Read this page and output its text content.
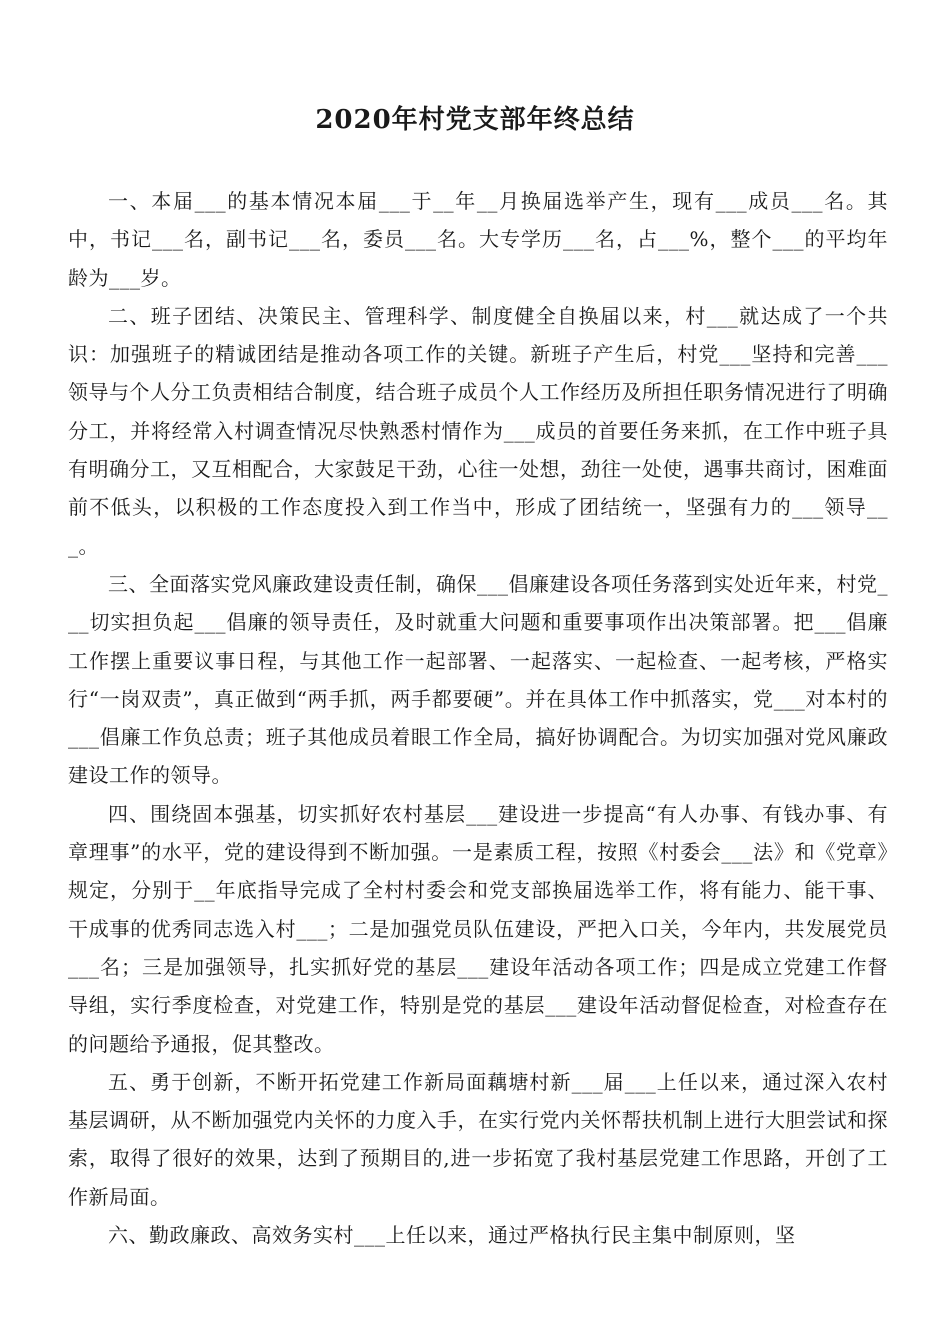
2020年村党支部年终总结

一、本届___的基本情况本届___于__年__月换届选举产生，现有___成员___名。其中，书记___名，副书记___名，委员___名。大专学历___名，占___%，整个___的平均年龄为___岁。

二、班子团结、决策民主、管理科学、制度健全自换届以来，村___就达成了一个共识：加强班子的精诚团结是推动各项工作的关键。新班子产生后，村党___坚持和完善___领导与个人分工负责相结合制度，结合班子成员个人工作经历及所担任职务情况进行了明确分工，并将经常入村调查情况尽快熟悉村情作为___成员的首要任务来抓，在工作中班子具有明确分工，又互相配合，大家鼓足干劲，心往一处想，劲往一处使，遇事共商讨，困难面前不低头，以积极的工作态度投入到工作当中，形成了团结统一，坚强有力的___领导___。

三、全面落实党风廉政建设责任制，确保___倡廉建设各项任务落到实处近年来，村党___切实担负起___倡廉的领导责任，及时就重大问题和重要事项作出决策部署。把___倡廉工作摆上重要议事日程，与其他工作一起部署、一起落实、一起检查、一起考核，严格实行“一岗双责”，真正做到“两手抓，两手都要硬”。并在具体工作中抓落实，党___对本村的___倡廉工作负总责；班子其他成员着眼工作全局，搞好协调配合。为切实加强对党风廉政建设工作的领导。

四、围绕固本强基，切实抓好农村基层___建设进一步提高“有人办事、有钱办事、有章理事”的水平，党的建设得到不断加强。一是素质工程，按照《村委会___法》和《党章》规定，分别于__年底指导完成了全村村委会和党支部换届选举工作，将有能力、能干事、干成事的优秀同志选入村___；二是加强党员队伍建设，严把入口关，今年内，共发展党员___名；三是加强领导，扎实抓好党的基层___建设年活动各项工作；四是成立党建工作督导组，实行季度检查，对党建工作，特别是党的基层___建设年活动督促检查，对检查存在的问题给予通报，促其整改。

五、勇于创新，不断开拓党建工作新局面藕塘村新___届___上任以来，通过深入农村基层调研，从不断加强党内关怀的力度入手，在实行党内关怀帮扶机制上进行大胆尝试和探索，取得了很好的效果，达到了预期目的,进一步拓宽了我村基层党建工作思路，开创了工作新局面。

六、勤政廉政、高效务实村___上任以来，通过严格执行民主集中制原则，坚
